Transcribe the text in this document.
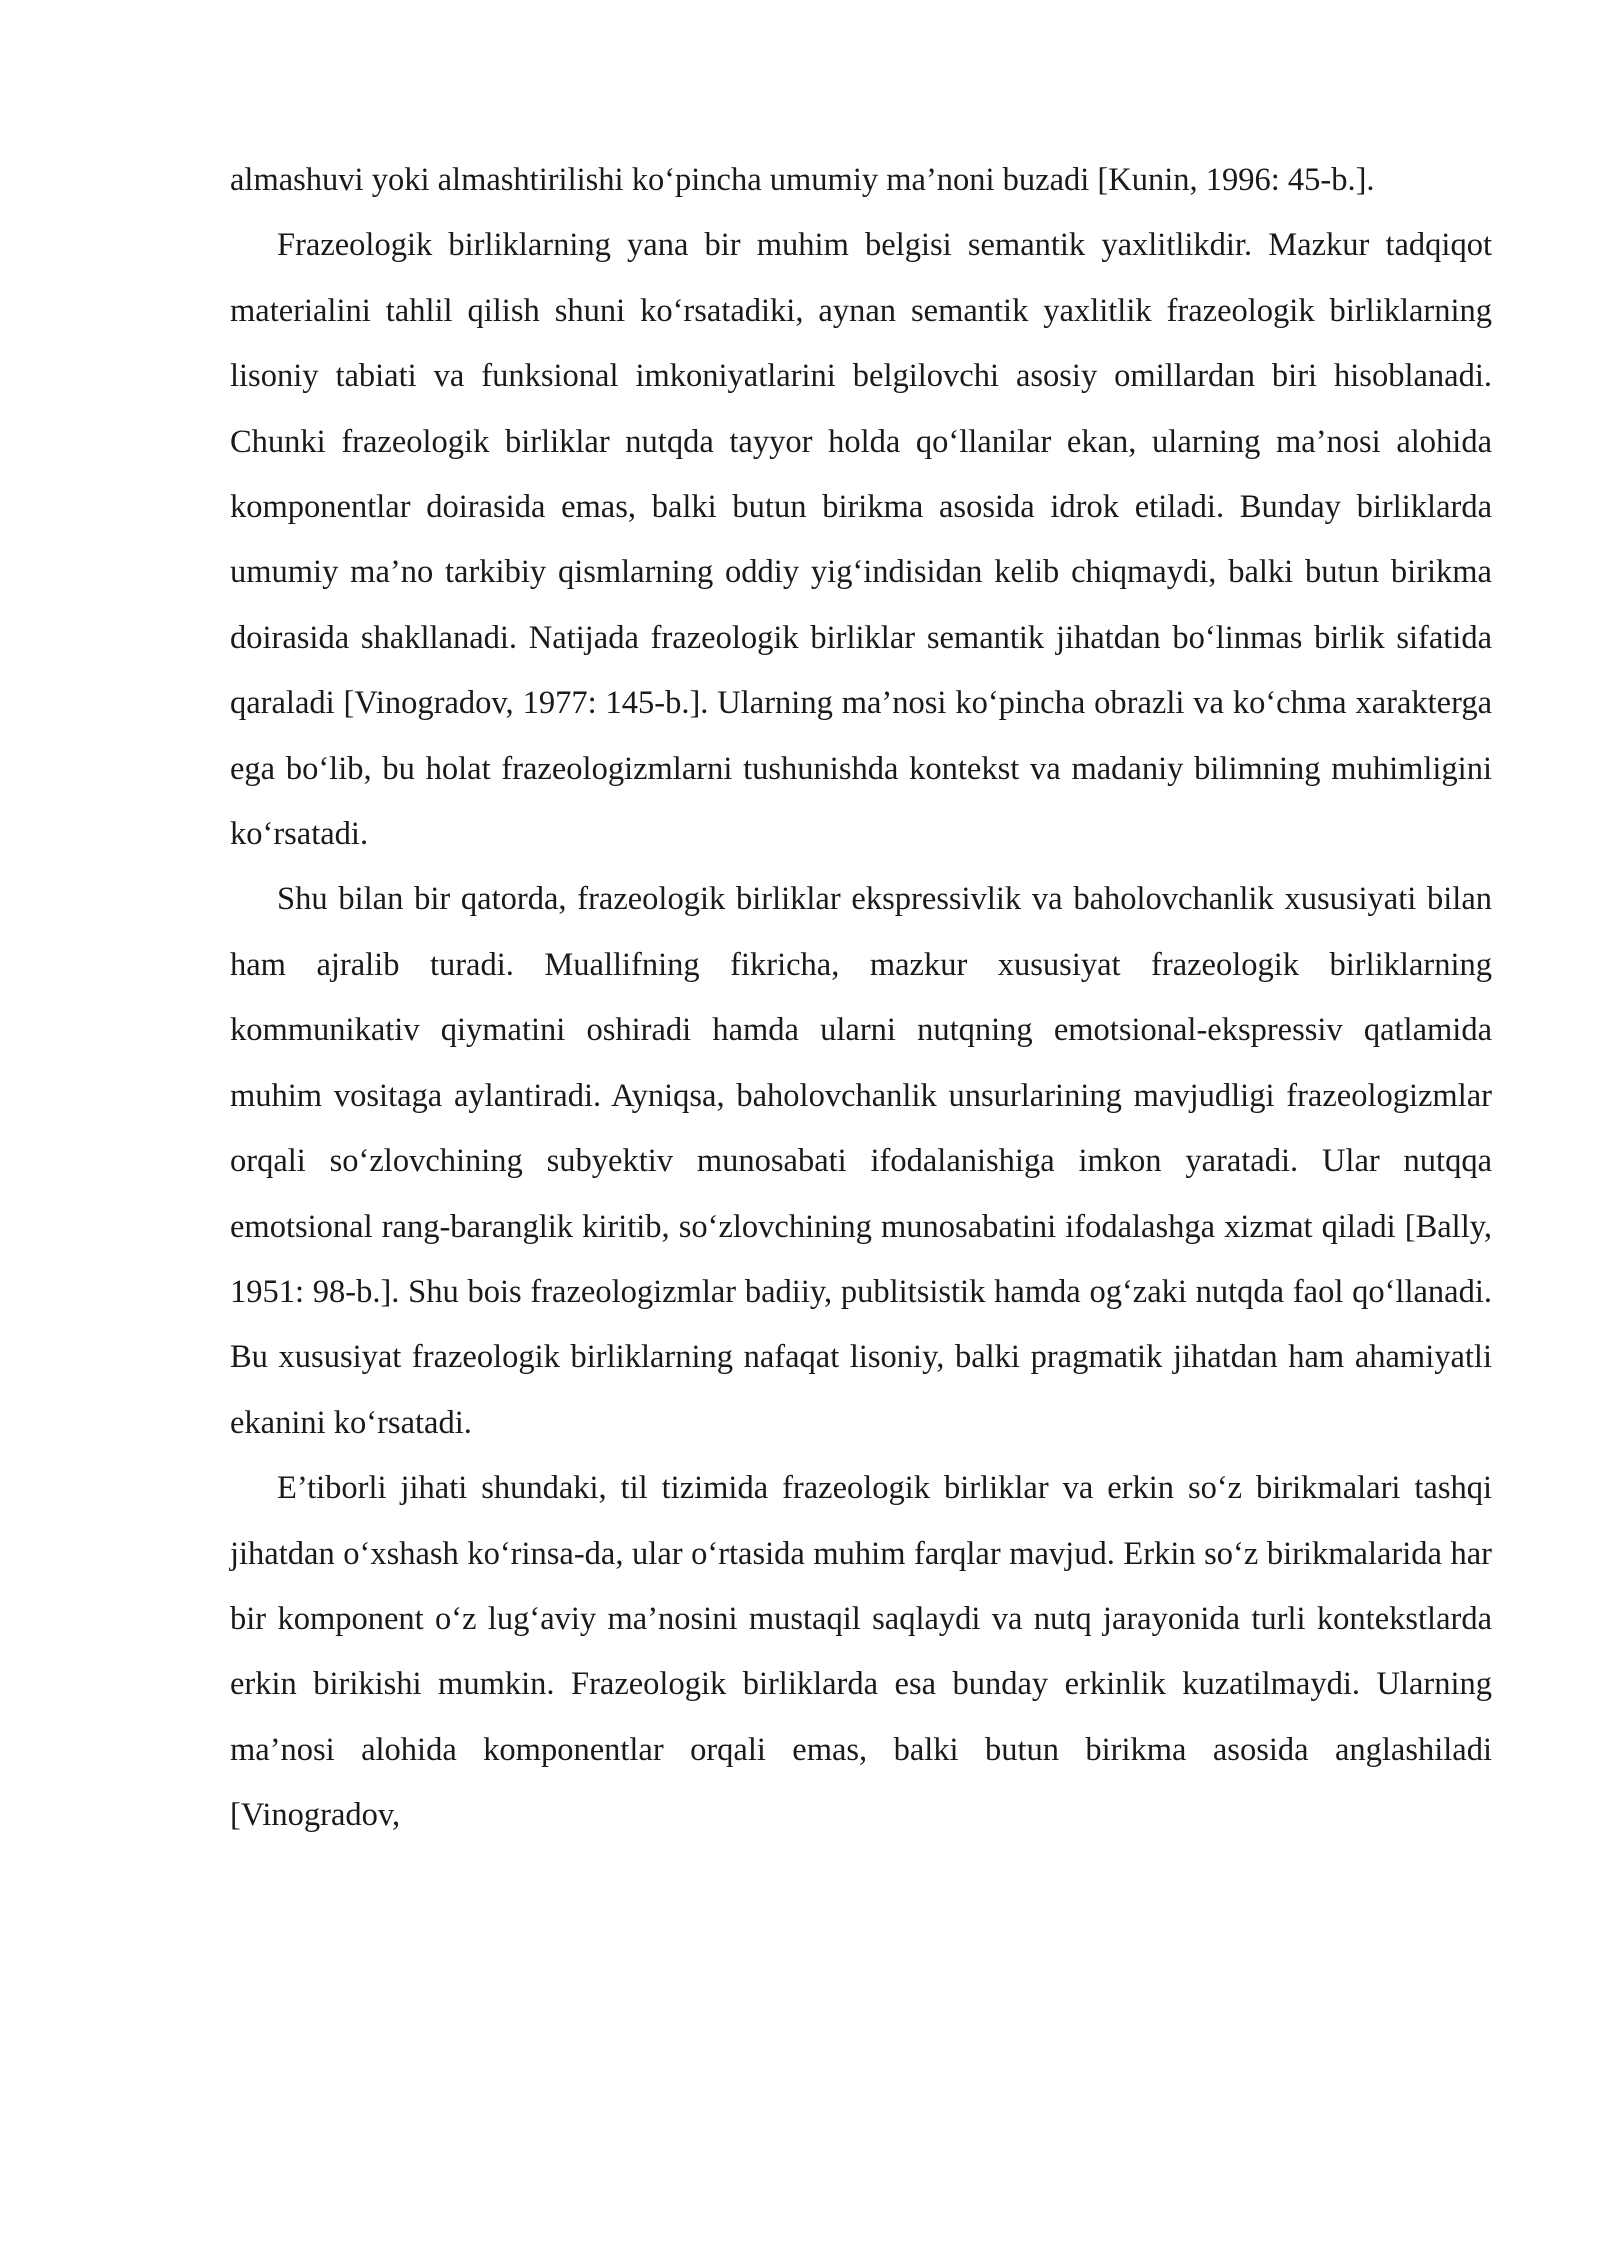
almashuvi yoki almashtirilishi ko‘pincha umumiy ma’noni buzadi [Kunin, 1996: 45-b.].

Frazeologik birliklarning yana bir muhim belgisi semantik yaxlitlikdir. Mazkur tadqiqot materialini tahlil qilish shuni ko‘rsatadiki, aynan semantik yaxlitlik frazeologik birliklarning lisoniy tabiati va funksional imkoniyatlarini belgilovchi asosiy omillardan biri hisoblanadi. Chunki frazeologik birliklar nutqda tayyor holda qo‘llanilar ekan, ularning ma’nosi alohida komponentlar doirasida emas, balki butun birikma asosida idrok etiladi. Bunday birliklarda umumiy ma’no tarkibiy qismlarning oddiy yig‘indisidan kelib chiqmaydi, balki butun birikma doirasida shakllanadi. Natijada frazeologik birliklar semantik jihatdan bo‘linmas birlik sifatida qaraladi [Vinogradov, 1977: 145-b.]. Ularning ma’nosi ko‘pincha obrazli va ko‘chma xarakterga ega bo‘lib, bu holat frazeologizmlarni tushunishda kontekst va madaniy bilimning muhimligini ko‘rsatadi.

Shu bilan bir qatorda, frazeologik birliklar ekspressivlik va baholovchanlik xususiyati bilan ham ajralib turadi. Muallifning fikricha, mazkur xususiyat frazeologik birliklarning kommunikativ qiymatini oshiradi hamda ularni nutqning emotsional-ekspressiv qatlamida muhim vositaga aylantiradi. Ayniqsa, baholovchanlik unsurlarining mavjudligi frazeologizmlar orqali so‘zlovchining subyektiv munosabati ifodalanishiga imkon yaratadi. Ular nutqqa emotsional rang-baranglik kiritib, so‘zlovchining munosabatini ifodalashga xizmat qiladi [Bally, 1951: 98-b.]. Shu bois frazeologizmlar badiiy, publitsistik hamda og‘zaki nutqda faol qo‘llanadi. Bu xususiyat frazeologik birliklarning nafaqat lisoniy, balki pragmatik jihatdan ham ahamiyatli ekanini ko‘rsatadi.

E’tiborli jihati shundaki, til tizimida frazeologik birliklar va erkin so‘z birikmalari tashqi jihatdan o‘xshash ko‘rinsa-da, ular o‘rtasida muhim farqlar mavjud. Erkin so‘z birikmalarida har bir komponent o‘z lug‘aviy ma’nosini mustaqil saqlaydi va nutq jarayonida turli kontekstlarda erkin birikishi mumkin. Frazeologik birliklarda esa bunday erkinlik kuzatilmaydi. Ularning ma’nosi alohida komponentlar orqali emas, balki butun birikma asosida anglashiladi [Vinogradov,
